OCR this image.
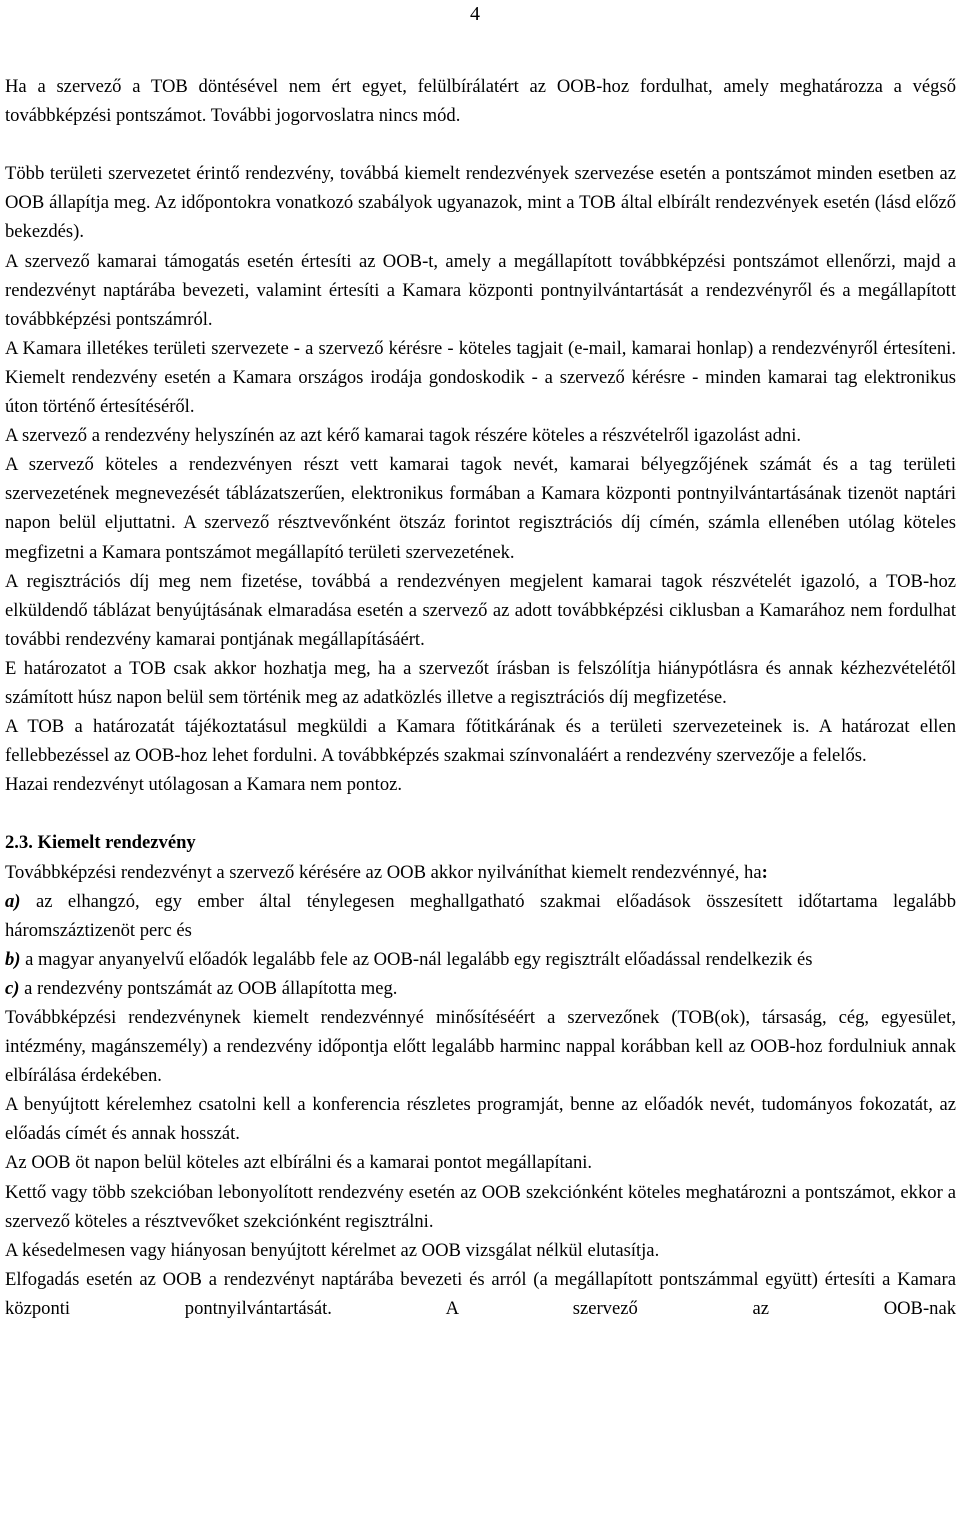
4

Ha a szervező a TOB döntésével nem ért egyet, felülbírálatért az OOB-hoz fordulhat, amely meghatározza a végső továbbképzési pontszámot. További jogorvoslatra nincs mód.

Több területi szervezetet érintő rendezvény, továbbá kiemelt rendezvények szervezése esetén a pontszámot minden esetben az OOB állapítja meg. Az időpontokra vonatkozó szabályok ugyanazok, mint a TOB által elbírált rendezvények esetén (lásd előző bekezdés).

A szervező kamarai támogatás esetén értesíti az OOB-t, amely a megállapított továbbképzési pontszámot ellenőrzi, majd a rendezvényt naptárába bevezeti, valamint értesíti a Kamara központi pontnyilvántartását a rendezvényről és a megállapított továbbképzési pontszámról.

A Kamara illetékes területi szervezete - a szervező kérésre - köteles tagjait (e-mail, kamarai honlap) a rendezvényről értesíteni. Kiemelt rendezvény esetén a Kamara országos irodája gondoskodik - a szervező kérésre - minden kamarai tag elektronikus úton történő értesítéséről.

A szervező a rendezvény helyszínén az azt kérő kamarai tagok részére köteles a részvételről igazolást adni.

A szervező köteles a rendezvényen részt vett kamarai tagok nevét, kamarai bélyegzőjének számát és a tag területi szervezetének megnevezését táblázatszerűen, elektronikus formában a Kamara központi pontnyilvántartásának tizenöt naptári napon belül eljuttatni. A szervező résztvevőnként ötszáz forintot regisztrációs díj címén, számla ellenében utólag köteles megfizetni a Kamara pontszámot megállapító területi szervezetének.

A regisztrációs díj meg nem fizetése, továbbá a rendezvényen megjelent kamarai tagok részvételét igazoló, a TOB-hoz elküldendő táblázat benyújtásának elmaradása esetén a szervező az adott továbbképzési ciklusban a Kamarához nem fordulhat további rendezvény kamarai pontjának megállapításáért.

E határozatot a TOB csak akkor hozhatja meg, ha a szervezőt írásban is felszólítja hiánypótlásra és annak kézhezvételétől számított húsz napon belül sem történik meg az adatközlés illetve a regisztrációs díj megfizetése.

A TOB a határozatát tájékoztatásul megküldi a Kamara főtitkárának és a területi szervezeteinek is. A határozat ellen fellebbezéssel az OOB-hoz lehet fordulni. A továbbképzés szakmai színvonaláért a rendezvény szervezője a felelős.

Hazai rendezvényt utólagosan a Kamara nem pontoz.

2.3. Kiemelt rendezvény

Továbbképzési rendezvényt a szervező kérésére az OOB akkor nyilváníthat kiemelt rendezvénnyé, ha:

a) az elhangzó, egy ember által ténylegesen meghallgatható szakmai előadások összesített időtartama legalább háromszáztizenöt perc és

b) a magyar anyanyelvű előadók legalább fele az OOB-nál legalább egy regisztrált előadással rendelkezik és

c) a rendezvény pontszámát az OOB állapította meg.

Továbbképzési rendezvénynek kiemelt rendezvénnyé minősítéséért a szervezőnek (TOB(ok), társaság, cég, egyesület, intézmény, magánszemély) a rendezvény időpontja előtt legalább harminc nappal korábban kell az OOB-hoz fordulniuk annak elbírálása érdekében.

A benyújtott kérelemhez csatolni kell a konferencia részletes programját, benne az előadók nevét, tudományos fokozatát, az előadás címét és annak hosszát.

Az OOB öt napon belül köteles azt elbírálni és a kamarai pontot megállapítani.

Kettő vagy több szekcióban lebonyolított rendezvény esetén az OOB szekciónként köteles meghatározni a pontszámot, ekkor a szervező köteles a résztvevőket szekciónként regisztrálni.

A késedelmesen vagy hiányosan benyújtott kérelmet az OOB vizsgálat nélkül elutasítja.

Elfogadás esetén az OOB a rendezvényt naptárába bevezeti és arról (a megállapított pontszámmal együtt) értesíti a Kamara központi pontnyilvántartását. A szervező az OOB-nak
